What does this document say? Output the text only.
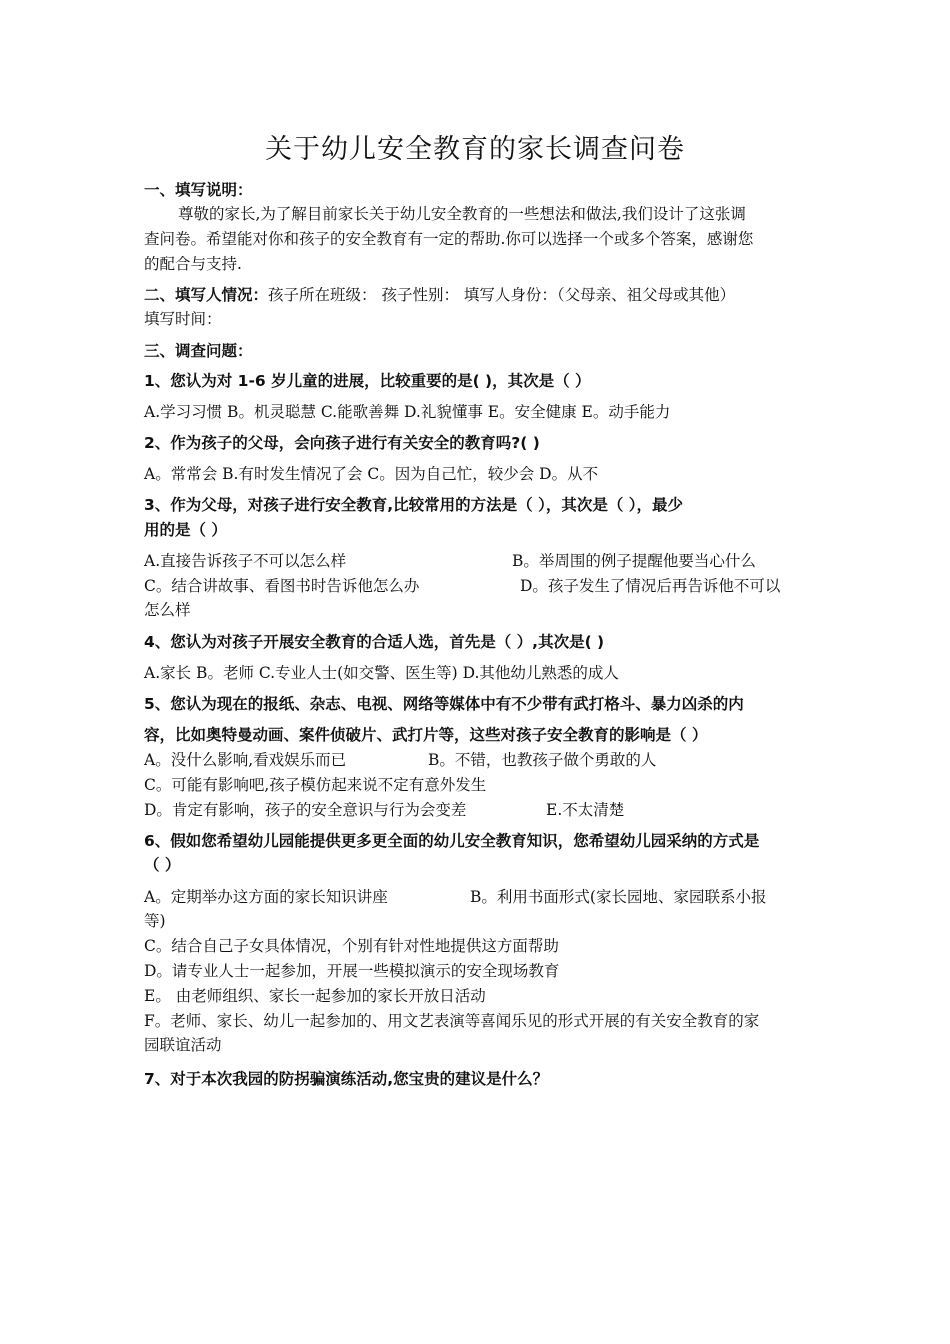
关于幼儿安全教育的家长调查问卷
一、填写说明：
尊敬的家长,为了解目前家长关于幼儿安全教育的一些想法和做法,我们设计了这张调
查问卷。希望能对你和孩子的安全教育有一定的帮助.你可以选择一个或多个答案，感谢您
的配合与支持.
二、填写人情况：孩子所在班级： 孩子性别： 填写人身份：（父母亲、祖父母或其他）
填写时间：
三、调查问题：
1、您认为对 1-6 岁儿童的进展，比较重要的是( )，其次是（ ）
A.学习习惯 B。机灵聪慧 C.能歌善舞 D.礼貌懂事 E。安全健康 E。动手能力
2、作为孩子的父母，会向孩子进行有关安全的教育吗?( )
A。常常会 B.有时发生情况了会 C。因为自己忙，较少会 D。从不
3、作为父母，对孩子进行安全教育,比较常用的方法是（ ），其次是（ ），最少
用的是（ ）
A.直接告诉孩子不可以怎么样	B。举周围的例子提醒他要当心什么
C。结合讲故事、看图书时告诉他怎么办	D。孩子发生了情况后再告诉他不可以
怎么样
4、您认为对孩子开展安全教育的合适人选，首先是（ ）,其次是( )
A.家长 B。老师 C.专业人士(如交警、医生等) D.其他幼儿熟悉的成人
5、您认为现在的报纸、杂志、电视、网络等媒体中有不少带有武打格斗、暴力凶杀的内
容，比如奥特曼动画、案件侦破片、武打片等，这些对孩子安全教育的影响是（ ）
A。没什么影响,看戏娱乐而已	B。不错，也教孩子做个勇敢的人
C。可能有影响吧,孩子模仿起来说不定有意外发生
D。肯定有影响，孩子的安全意识与行为会变差	E.不太清楚
6、假如您希望幼儿园能提供更多更全面的幼儿安全教育知识，您希望幼儿园采纳的方式是
（ ）
A。定期举办这方面的家长知识讲座	B。利用书面形式(家长园地、家园联系小报
等)
C。结合自己子女具体情况，个别有针对性地提供这方面帮助
D。请专业人士一起参加，开展一些模拟演示的安全现场教育
E。 由老师组织、家长一起参加的家长开放日活动
F。老师、家长、幼儿一起参加的、用文艺表演等喜闻乐见的形式开展的有关安全教育的家
园联谊活动
7、对于本次我园的防拐骗演练活动,您宝贵的建议是什么？
